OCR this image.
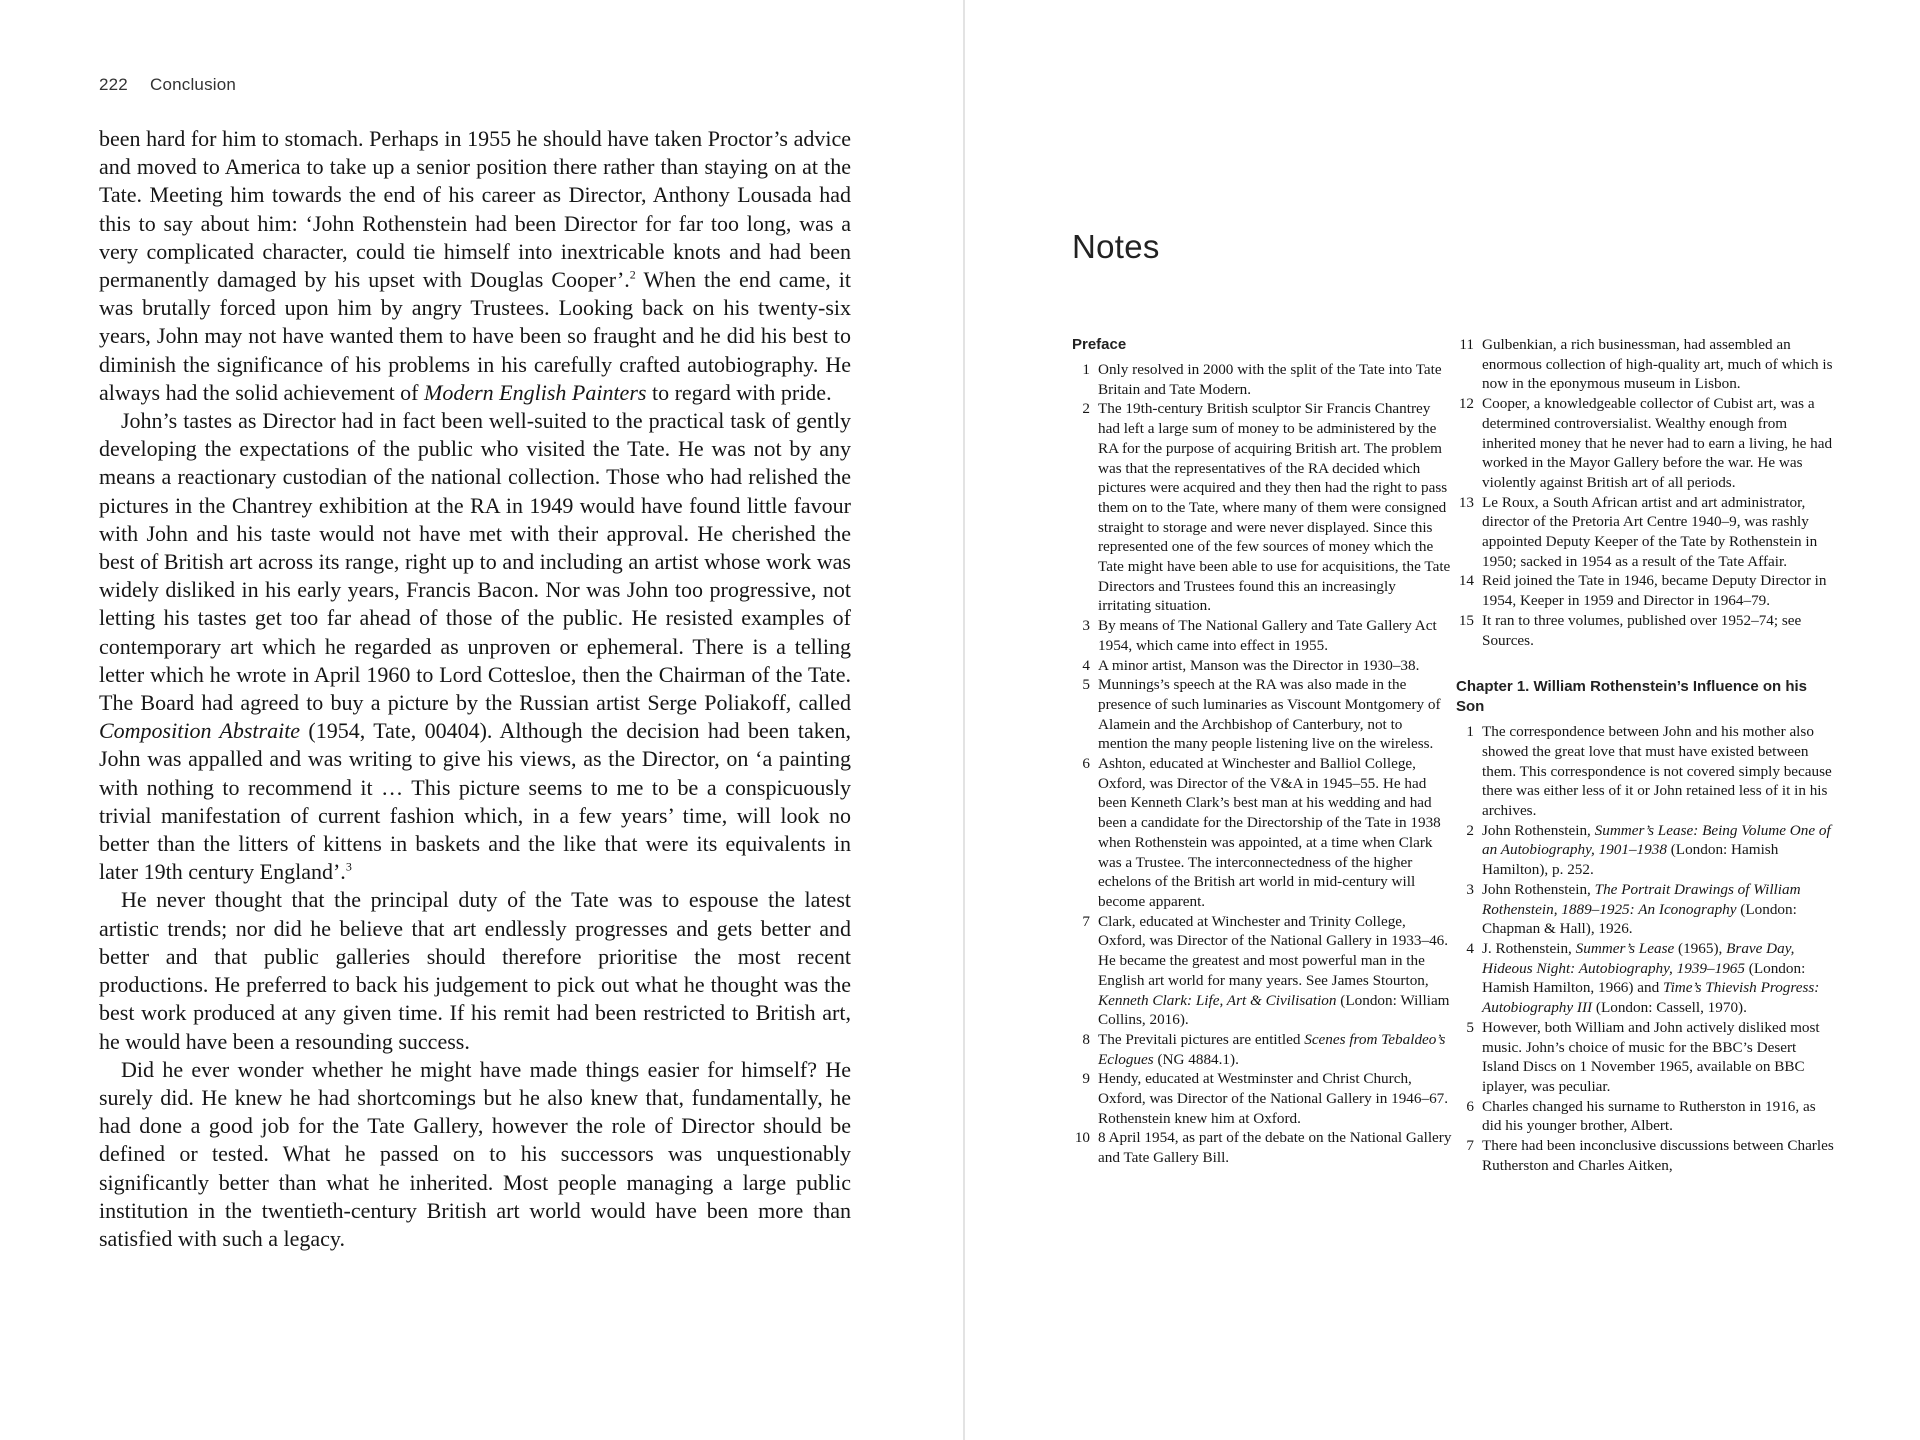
222 Conclusion

been hard for him to stomach. Perhaps in 1955 he should have taken Proctor’s advice and moved to America to take up a senior position there rather than staying on at the Tate. Meeting him towards the end of his career as Director, Anthony Lousada had this to say about him: ‘John Rothenstein had been Director for far too long, was a very complicated character, could tie himself into inextricable knots and had been permanently damaged by his upset with Douglas Cooper’.$^2$ When the end came, it was brutally forced upon him by angry Trustees. Looking back on his twenty-six years, John may not have wanted them to have been so fraught and he did his best to diminish the significance of his problems in his carefully crafted autobiography. He always had the solid achievement of Modern English Painters to regard with pride.

John’s tastes as Director had in fact been well-suited to the practical task of gently developing the expectations of the public who visited the Tate. He was not by any means a reactionary custodian of the national collection. Those who had relished the pictures in the Chantrey exhibition at the RA in 1949 would have found little favour with John and his taste would not have met with their approval. He cherished the best of British art across its range, right up to and including an artist whose work was widely disliked in his early years, Francis Bacon. Nor was John too progressive, not letting his tastes get too far ahead of those of the public. He resisted examples of contemporary art which he regarded as unproven or ephemeral. There is a telling letter which he wrote in April 1960 to Lord Cottesloe, then the Chairman of the Tate. The Board had agreed to buy a picture by the Russian artist Serge Poliakoff, called Composition Abstraite (1954, Tate, 00404). Although the decision had been taken, John was appalled and was writing to give his views, as the Director, on ‘a painting with nothing to recommend it … This picture seems to me to be a conspicuously trivial manifestation of current fashion which, in a few years’ time, will look no better than the litters of kittens in baskets and the like that were its equivalents in later 19th century England’.$^3$

He never thought that the principal duty of the Tate was to espouse the latest artistic trends; nor did he believe that art endlessly progresses and gets better and better and that public galleries should therefore prioritise the most recent productions. He preferred to back his judgement to pick out what he thought was the best work produced at any given time. If his remit had been restricted to British art, he would have been a resounding success.

Did he ever wonder whether he might have made things easier for himself? He surely did. He knew he had shortcomings but he also knew that, fundamentally, he had done a good job for the Tate Gallery, however the role of Director should be defined or tested. What he passed on to his successors was unquestionably significantly better than what he inherited. Most people managing a large public institution in the twentieth-century British art world would have been more than satisfied with such a legacy.

Notes
Preface
1 Only resolved in 2000 with the split of the Tate into Tate Britain and Tate Modern.
2 The 19th-century British sculptor Sir Francis Chantrey had left a large sum of money to be administered by the RA for the purpose of acquiring British art. The problem was that the representatives of the RA decided which pictures were acquired and they then had the right to pass them on to the Tate, where many of them were consigned straight to storage and were never displayed. Since this represented one of the few sources of money which the Tate might have been able to use for acquisitions, the Tate Directors and Trustees found this an increasingly irritating situation.
3 By means of The National Gallery and Tate Gallery Act 1954, which came into effect in 1955.
4 A minor artist, Manson was the Director in 1930–38.
5 Munnings’s speech at the RA was also made in the presence of such luminaries as Viscount Montgomery of Alamein and the Archbishop of Canterbury, not to mention the many people listening live on the wireless.
6 Ashton, educated at Winchester and Balliol College, Oxford, was Director of the V&A in 1945–55. He had been Kenneth Clark’s best man at his wedding and had been a candidate for the Directorship of the Tate in 1938 when Rothenstein was appointed, at a time when Clark was a Trustee. The interconnectedness of the higher echelons of the British art world in mid-century will become apparent.
7 Clark, educated at Winchester and Trinity College, Oxford, was Director of the National Gallery in 1933–46. He became the greatest and most powerful man in the English art world for many years. See James Stourton, Kenneth Clark: Life, Art & Civilisation (London: William Collins, 2016).
8 The Previtali pictures are entitled Scenes from Tebaldeo’s Eclogues (NG 4884.1).
9 Hendy, educated at Westminster and Christ Church, Oxford, was Director of the National Gallery in 1946–67. Rothenstein knew him at Oxford.
10 8 April 1954, as part of the debate on the National Gallery and Tate Gallery Bill.
11 Gulbenkian, a rich businessman, had assembled an enormous collection of high-quality art, much of which is now in the eponymous museum in Lisbon.
12 Cooper, a knowledgeable collector of Cubist art, was a determined controversialist. Wealthy enough from inherited money that he never had to earn a living, he had worked in the Mayor Gallery before the war. He was violently against British art of all periods.
13 Le Roux, a South African artist and art administrator, director of the Pretoria Art Centre 1940–9, was rashly appointed Deputy Keeper of the Tate by Rothenstein in 1950; sacked in 1954 as a result of the Tate Affair.
14 Reid joined the Tate in 1946, became Deputy Director in 1954, Keeper in 1959 and Director in 1964–79.
15 It ran to three volumes, published over 1952–74; see Sources.
Chapter 1. William Rothenstein’s Influence on his Son
1 The correspondence between John and his mother also showed the great love that must have existed between them. This correspondence is not covered simply because there was either less of it or John retained less of it in his archives.
2 John Rothenstein, Summer’s Lease: Being Volume One of an Autobiography, 1901–1938 (London: Hamish Hamilton), p. 252.
3 John Rothenstein, The Portrait Drawings of William Rothenstein, 1889–1925: An Iconography (London: Chapman & Hall), 1926.
4 J. Rothenstein, Summer’s Lease (1965), Brave Day, Hideous Night: Autobiography, 1939–1965 (London: Hamish Hamilton, 1966) and Time’s Thievish Progress: Autobiography III (London: Cassell, 1970).
5 However, both William and John actively disliked most music. John’s choice of music for the BBC’s Desert Island Discs on 1 November 1965, available on BBC iplayer, was peculiar.
6 Charles changed his surname to Rutherston in 1916, as did his younger brother, Albert.
7 There had been inconclusive discussions between Charles Rutherston and Charles Aitken,
